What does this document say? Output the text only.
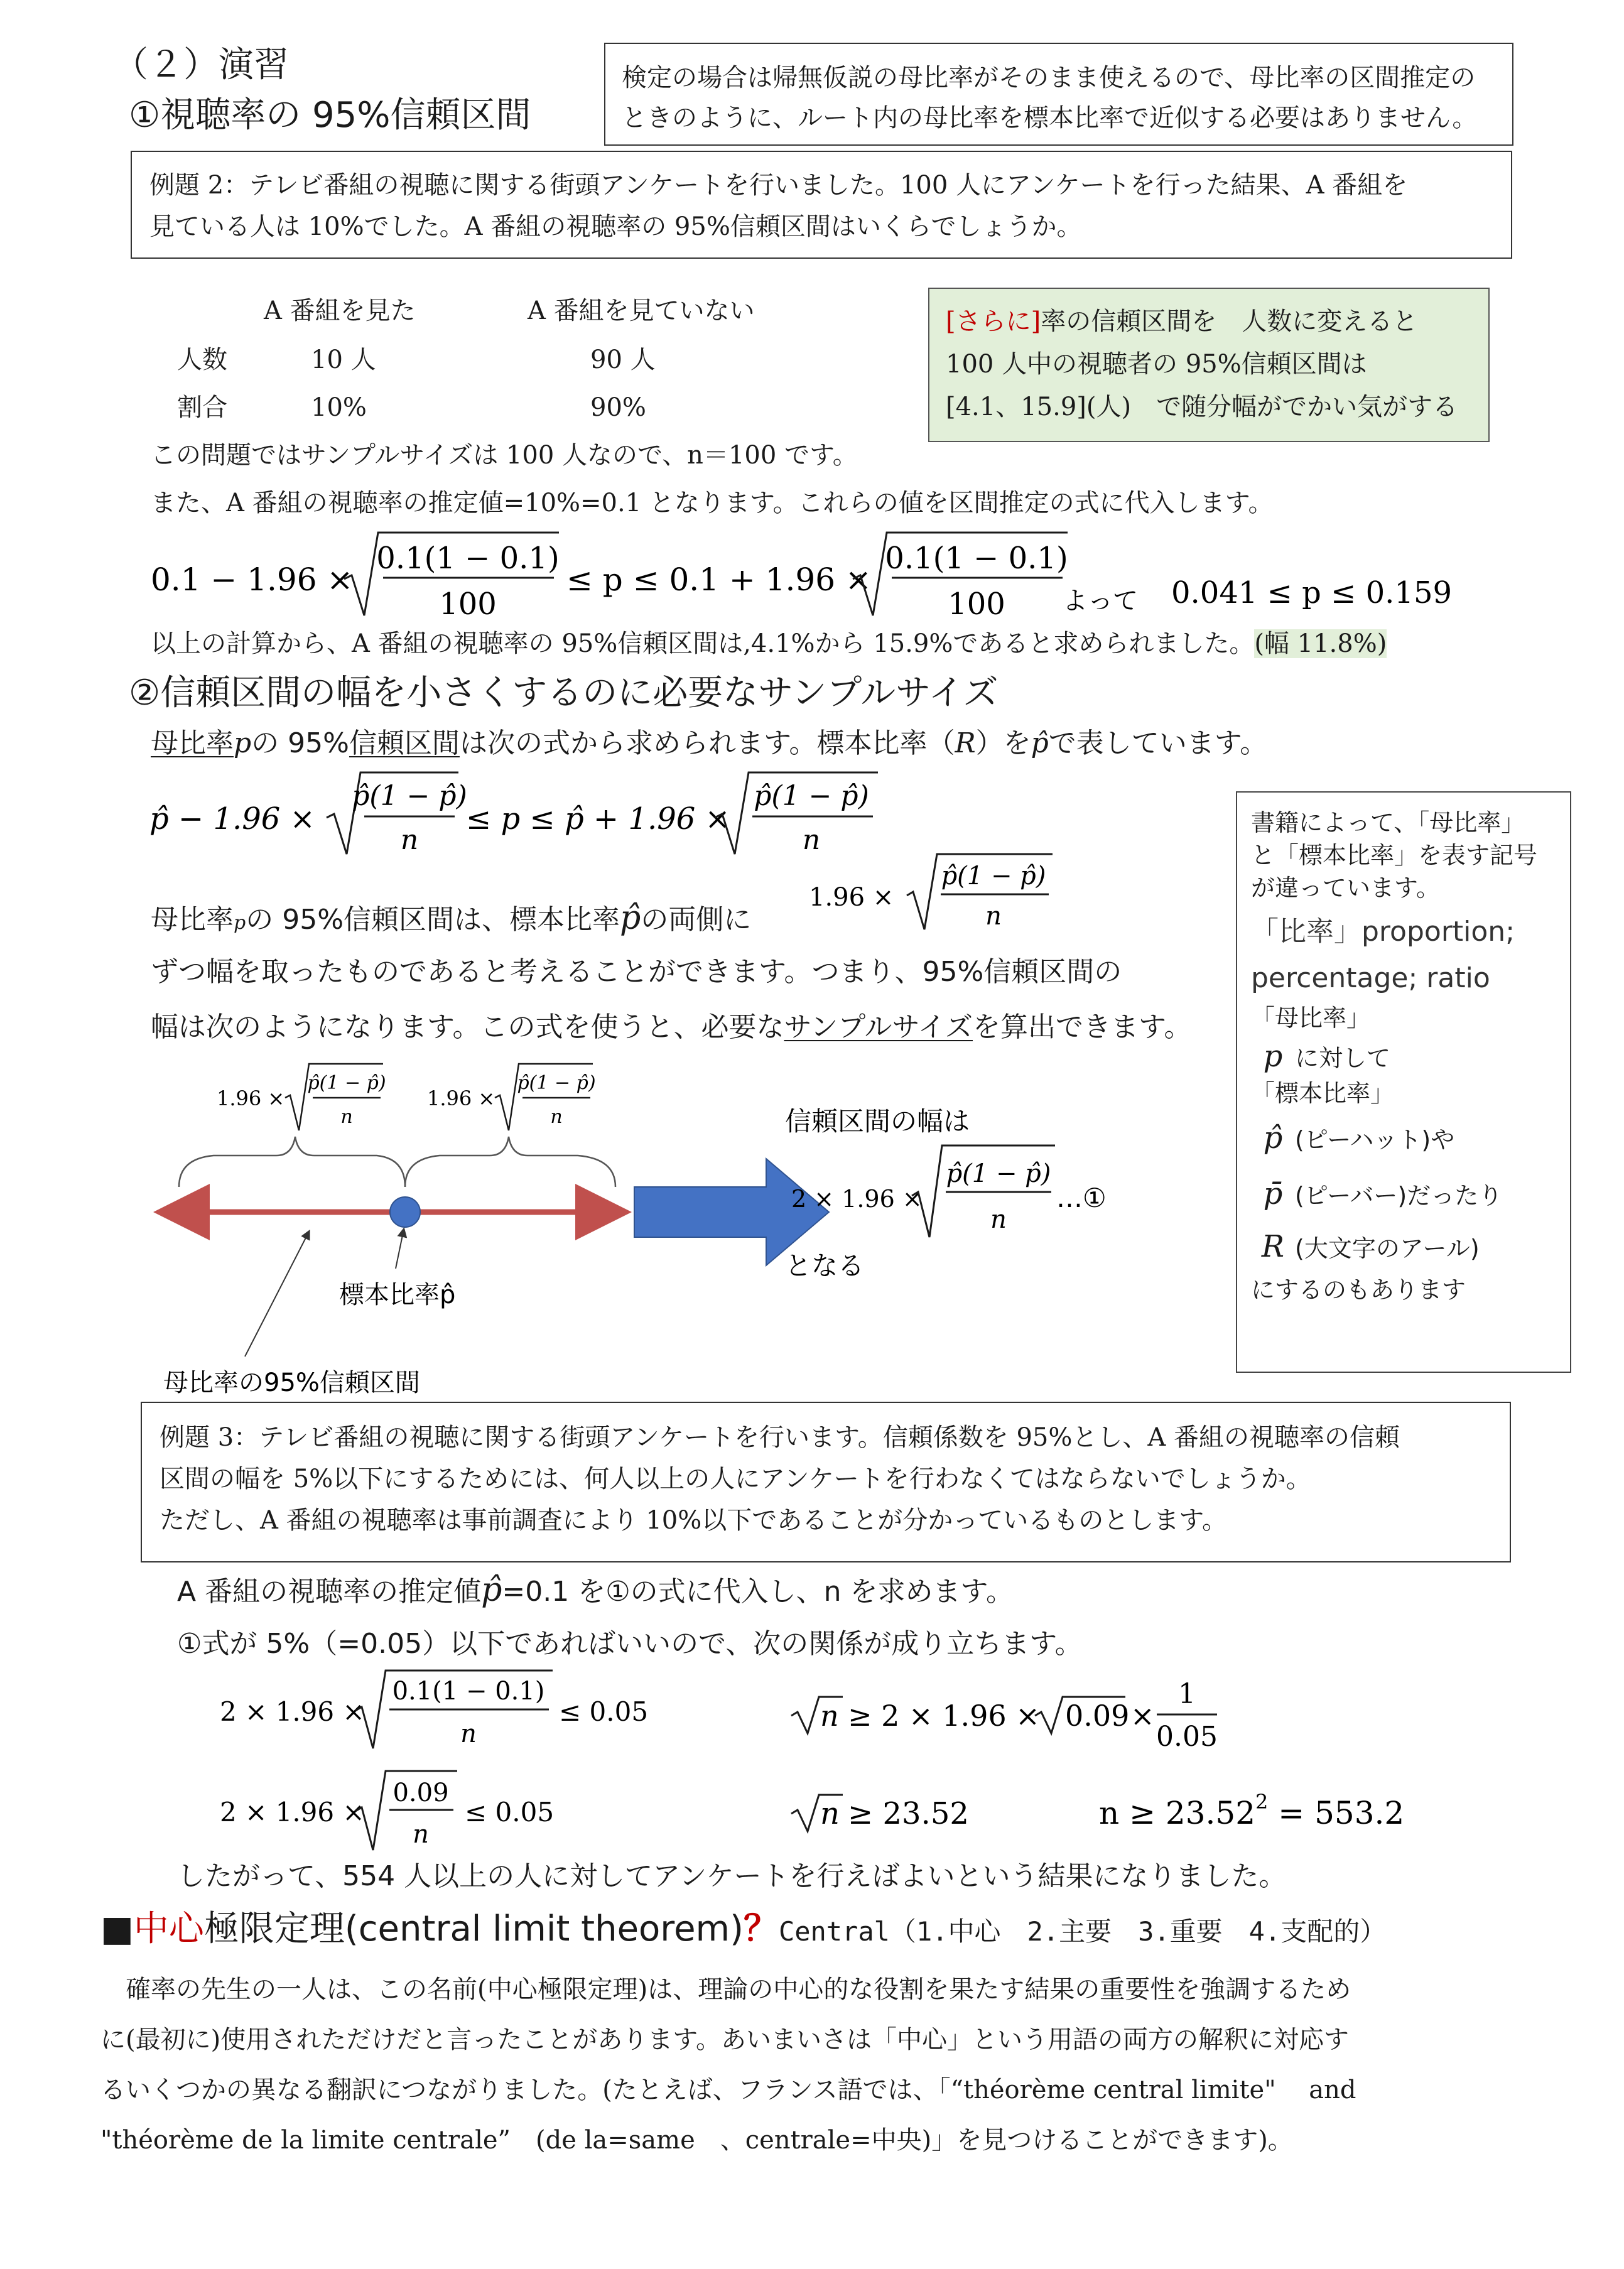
（２）演習
①視聴率の 95%信頼区間
検定の場合は帰無仮説の母比率がそのまま使えるので、母比率の区間推定の
ときのように、ルート内の母比率を標本比率で近似する必要はありません。
例題 2：テレビ番組の視聴に関する街頭アンケートを行いました。100 人にアンケートを行った結果、A 番組を
見ている人は 10%でした。A 番組の視聴率の 95%信頼区間はいくらでしょうか。
A 番組を見た	A 番組を見ていない
人数	10 人	90 人
割合	10%	90%
[さらに]率の信頼区間を　人数に変えると
100 人中の視聴者の 95%信頼区間は
[4.1、15.9](人)　で随分幅がでかい気がする
この問題ではサンプルサイズは 100 人なので、n＝100 です。
また、A 番組の視聴率の推定値=10%=0.1 となります。これらの値を区間推定の式に代入します。
0.1 − 1.96 ×
0.1(1 − 0.1)
100
≤ p ≤ 0.1 + 1.96 ×
0.1(1 − 0.1)
100 よって 0.041 ≤ p ≤ 0.159
以上の計算から、A 番組の視聴率の 95%信頼区間は,4.1%から 15.9%であると求められました。(幅 11.8%)
②信頼区間の幅を小さくするのに必要なサンプルサイズ
母比率pの 95%信頼区間は次の式から求められます。標本比率（R）をp̂で表しています。
p̂ − 1.96 ×
p̂(1 − p̂)
n
≤ p ≤ p̂ + 1.96 ×
p̂(1 − p̂)
n
母比率pの 95%信頼区間は、標本比率p̂の両側に
1.96 ×
p̂(1 − p̂)
n
ずつ幅を取ったものであると考えることができます。つまり、95%信頼区間の
幅は次のようになります。この式を使うと、必要なサンプルサイズを算出できます。
1.96 ×
p̂(1 − p̂)
n
1.96 ×
p̂(1 − p̂)
n
標本比率p̂
母比率の95%信頼区間
信頼区間の幅は
2 × 1.96 ×
p̂(1 − p̂)
n
…①
となる
書籍によって、「母比率」
と「標本比率」を表す記号
が違っています。
「比率」proportion;
percentage; ratio
「母比率」
p に対して
「標本比率」
p̂ (ピーハット)や
p̄ (ピーバー)だったり
R (大文字のアール)
にするのもあります
例題 3：テレビ番組の視聴に関する街頭アンケートを行います。信頼係数を 95%とし、A 番組の視聴率の信頼
区間の幅を 5%以下にするためには、何人以上の人にアンケートを行わなくてはならないでしょうか。
ただし、A 番組の視聴率は事前調査により 10%以下であることが分かっているものとします。
A 番組の視聴率の推定値p̂=0.1 を①の式に代入し、n を求めます。
①式が 5%（=0.05）以下であればいいので、次の関係が成り立ちます。
2 × 1.96 ×
0.1(1 − 0.1)
n
≤ 0.05
2 × 1.96 ×
0.09
n
≤ 0.05
n ≥ 2 × 1.96 × 0.09 ×
1
0.05
n ≥ 23.52	$n \ge 23.52^2 = 553.2$
したがって、554 人以上の人に対してアンケートを行えばよいという結果になりました。
■中心極限定理(central limit theorem)？Central（1.中心　2.主要　3.重要　4.支配的）
　確率の先生の一人は、この名前(中心極限定理)は、理論の中心的な役割を果たす結果の重要性を強調するため
に(最初に)使用されただけだと言ったことがあります。あいまいさは「中心」という用語の両方の解釈に対応す
るいくつかの異なる翻訳につながりました。(たとえば、フランス語では、「“théorème central limite"　 and
"théorème de la limite centrale”　(de la=same　、centrale=中央)」を見つけることができます)。
